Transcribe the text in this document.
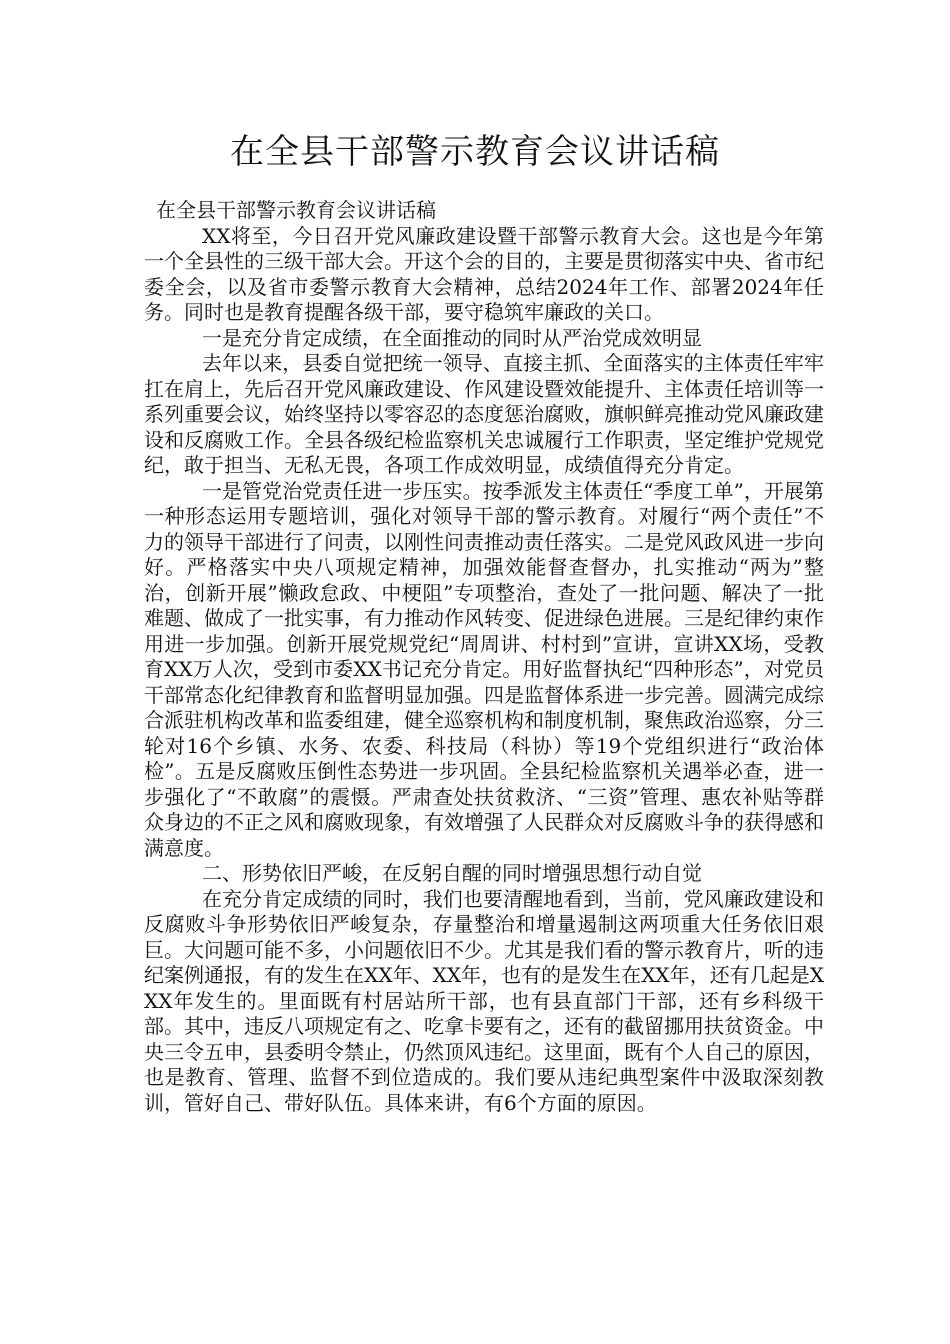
在全县干部警示教育会议讲话稿

在全县干部警示教育会议讲话稿

XX将至，今日召开党风廉政建设暨干部警示教育大会。这也是今年第一个全县性的三级干部大会。开这个会的目的，主要是贯彻落实中央、省市纪委全会，以及省市委警示教育大会精神，总结2024年工作、部署2024年任务。同时也是教育提醒各级干部，要守稳筑牢廉政的关口。

一是充分肯定成绩，在全面推动的同时从严治党成效明显

去年以来，县委自觉把统一领导、直接主抓、全面落实的主体责任牢牢扛在肩上，先后召开党风廉政建设、作风建设暨效能提升、主体责任培训等一系列重要会议，始终坚持以零容忍的态度惩治腐败，旗帜鲜亮推动党风廉政建设和反腐败工作。全县各级纪检监察机关忠诚履行工作职责，坚定维护党规党纪，敢于担当、无私无畏，各项工作成效明显，成绩值得充分肯定。

一是管党治党责任进一步压实。按季派发主体责任“季度工单”，开展第一种形态运用专题培训，强化对领导干部的警示教育。对履行“两个责任”不力的领导干部进行了问责，以刚性问责推动责任落实。二是党风政风进一步向好。严格落实中央八项规定精神，加强效能督查督办，扎实推动“两为”整治，创新开展”懒政怠政、中梗阻”专项整治，查处了一批问题、解决了一批难题、做成了一批实事，有力推动作风转变、促进绿色进展。三是纪律约束作用进一步加强。创新开展党规党纪“周周讲、村村到”宣讲，宣讲XX场，受教育XX万人次，受到市委XX书记充分肯定。用好监督执纪“四种形态”，对党员干部常态化纪律教育和监督明显加强。四是监督体系进一步完善。圆满完成综合派驻机构改革和监委组建，健全巡察机构和制度机制，聚焦政治巡察，分三轮对16个乡镇、水务、农委、科技局（科协）等19个党组织进行“政治体检”。五是反腐败压倒性态势进一步巩固。全县纪检监察机关遇举必查，进一步强化了“不敢腐”的震慑。严肃查处扶贫救济、“三资”管理、惠农补贴等群众身边的不正之风和腐败现象，有效增强了人民群众对反腐败斗争的获得感和满意度。

二、形势依旧严峻，在反躬自醒的同时增强思想行动自觉

在充分肯定成绩的同时，我们也要清醒地看到，当前，党风廉政建设和反腐败斗争形势依旧严峻复杂，存量整治和增量遏制这两项重大任务依旧艰巨。大问题可能不多，小问题依旧不少。尤其是我们看的警示教育片，听的违纪案例通报，有的发生在XX年、XX年，也有的是发生在XX年，还有几起是XXX年发生的。里面既有村居站所干部，也有县直部门干部，还有乡科级干部。其中，违反八项规定有之、吃拿卡要有之，还有的截留挪用扶贫资金。中央三令五申，县委明令禁止，仍然顶风违纪。这里面，既有个人自己的原因，也是教育、管理、监督不到位造成的。我们要从违纪典型案件中汲取深刻教训，管好自己、带好队伍。具体来讲，有6个方面的原因。
